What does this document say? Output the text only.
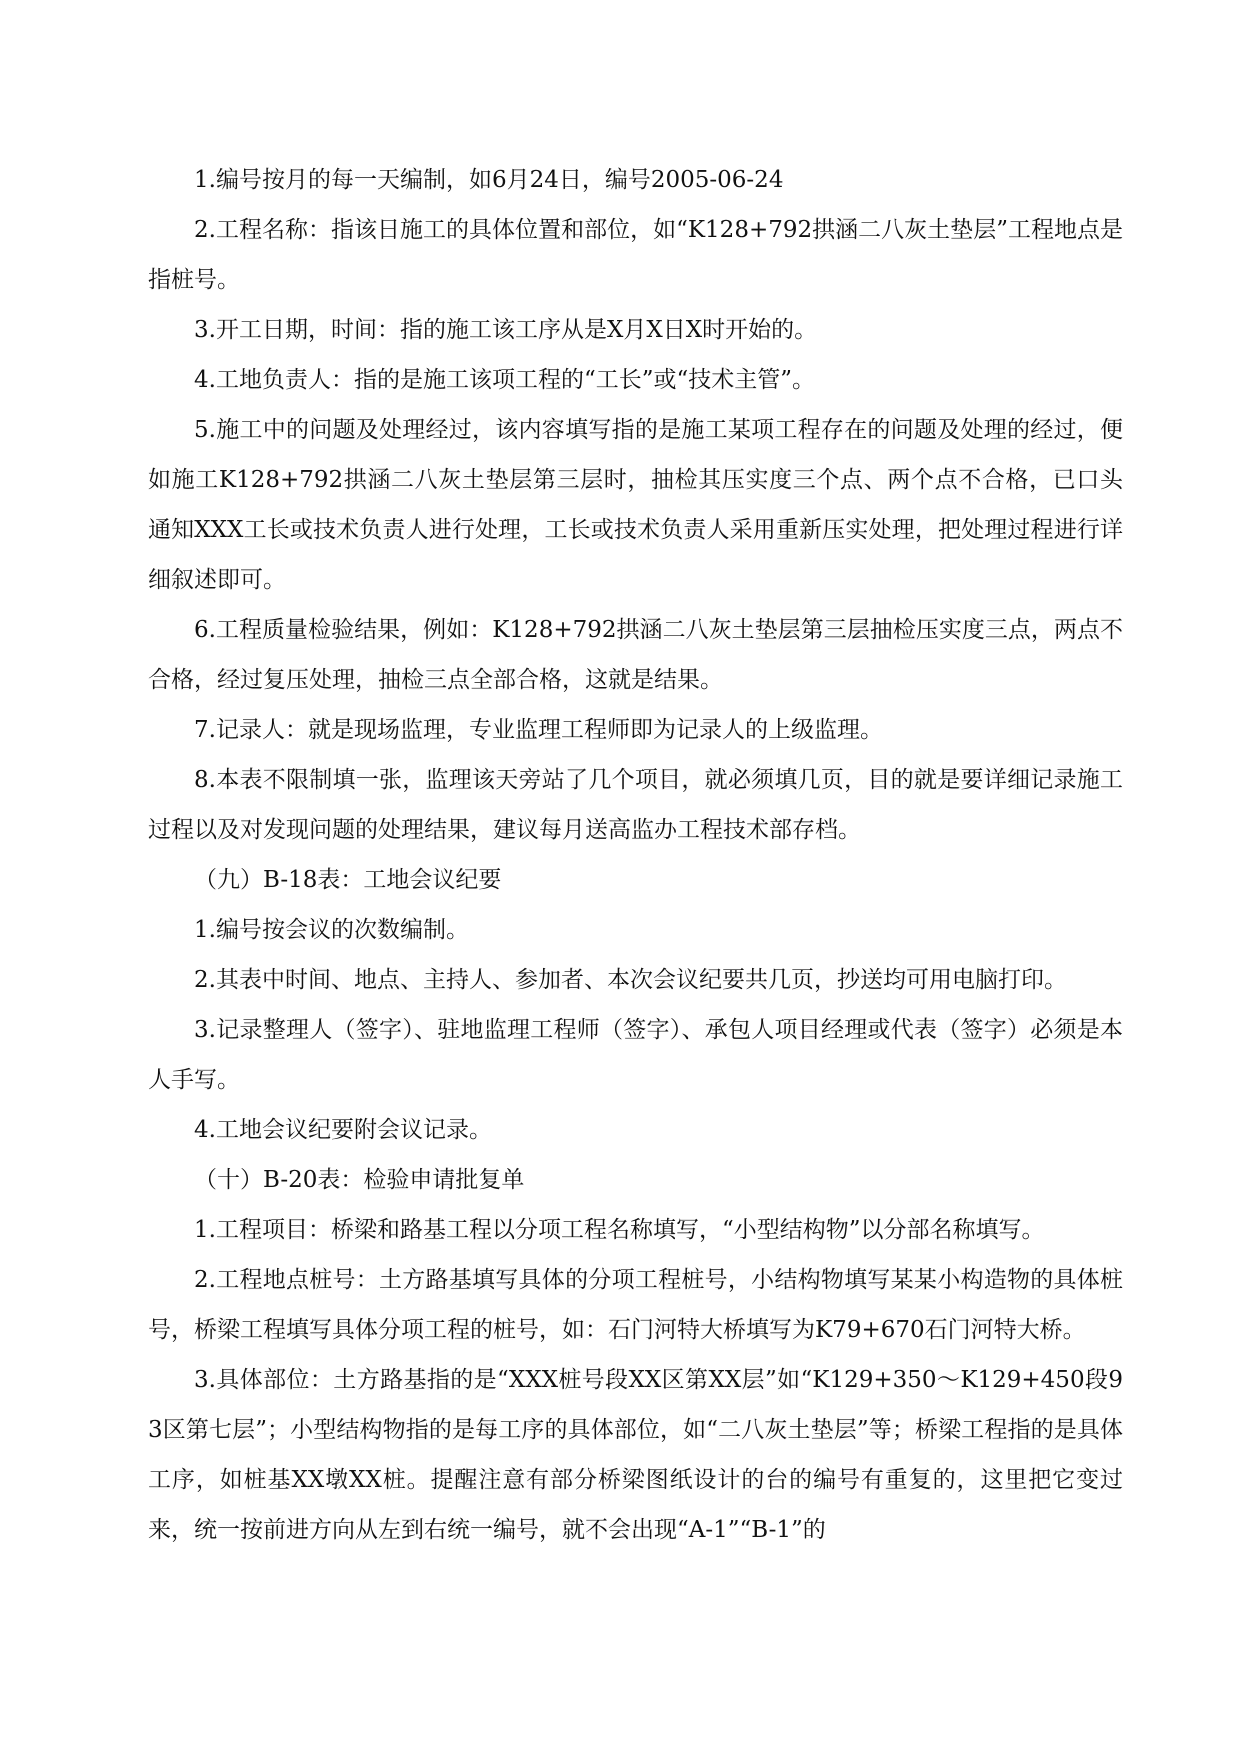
1.编号按月的每一天编制，如6月24日，编号2005-06-24

2.工程名称：指该日施工的具体位置和部位，如“K128+792拱涵二八灰土垫层”工程地点是指桩号。

3.开工日期，时间：指的施工该工序从是X月X日X时开始的。

4.工地负责人：指的是施工该项工程的“工长”或“技术主管”。

5.施工中的问题及处理经过，该内容填写指的是施工某项工程存在的问题及处理的经过，便如施工K128+792拱涵二八灰土垫层第三层时，抽检其压实度三个点、两个点不合格，已口头通知XXX工长或技术负责人进行处理，工长或技术负责人采用重新压实处理，把处理过程进行详细叙述即可。

6.工程质量检验结果，例如：K128+792拱涵二八灰土垫层第三层抽检压实度三点，两点不合格，经过复压处理，抽检三点全部合格，这就是结果。

7.记录人：就是现场监理，专业监理工程师即为记录人的上级监理。

8.本表不限制填一张，监理该天旁站了几个项目，就必须填几页，目的就是要详细记录施工过程以及对发现问题的处理结果，建议每月送高监办工程技术部存档。

（九）B-18表：工地会议纪要

1.编号按会议的次数编制。

2.其表中时间、地点、主持人、参加者、本次会议纪要共几页，抄送均可用电脑打印。

3.记录整理人（签字）、驻地监理工程师（签字）、承包人项目经理或代表（签字）必须是本人手写。

4.工地会议纪要附会议记录。

（十）B-20表：检验申请批复单

1.工程项目：桥梁和路基工程以分项工程名称填写，“小型结构物”以分部名称填写。

2.工程地点桩号：土方路基填写具体的分项工程桩号，小结构物填写某某小构造物的具体桩号，桥梁工程填写具体分项工程的桩号，如：石门河特大桥填写为K79+670石门河特大桥。

3.具体部位：土方路基指的是“XXX桩号段XX区第XX层”如“K129+350～K129+450段93区第七层”；小型结构物指的是每工序的具体部位，如“二八灰土垫层”等；桥梁工程指的是具体工序，如桩基XX墩XX桩。提醒注意有部分桥梁图纸设计的台的编号有重复的，这里把它变过来，统一按前进方向从左到右统一编号，就不会出现“A-1”“B-1”的
